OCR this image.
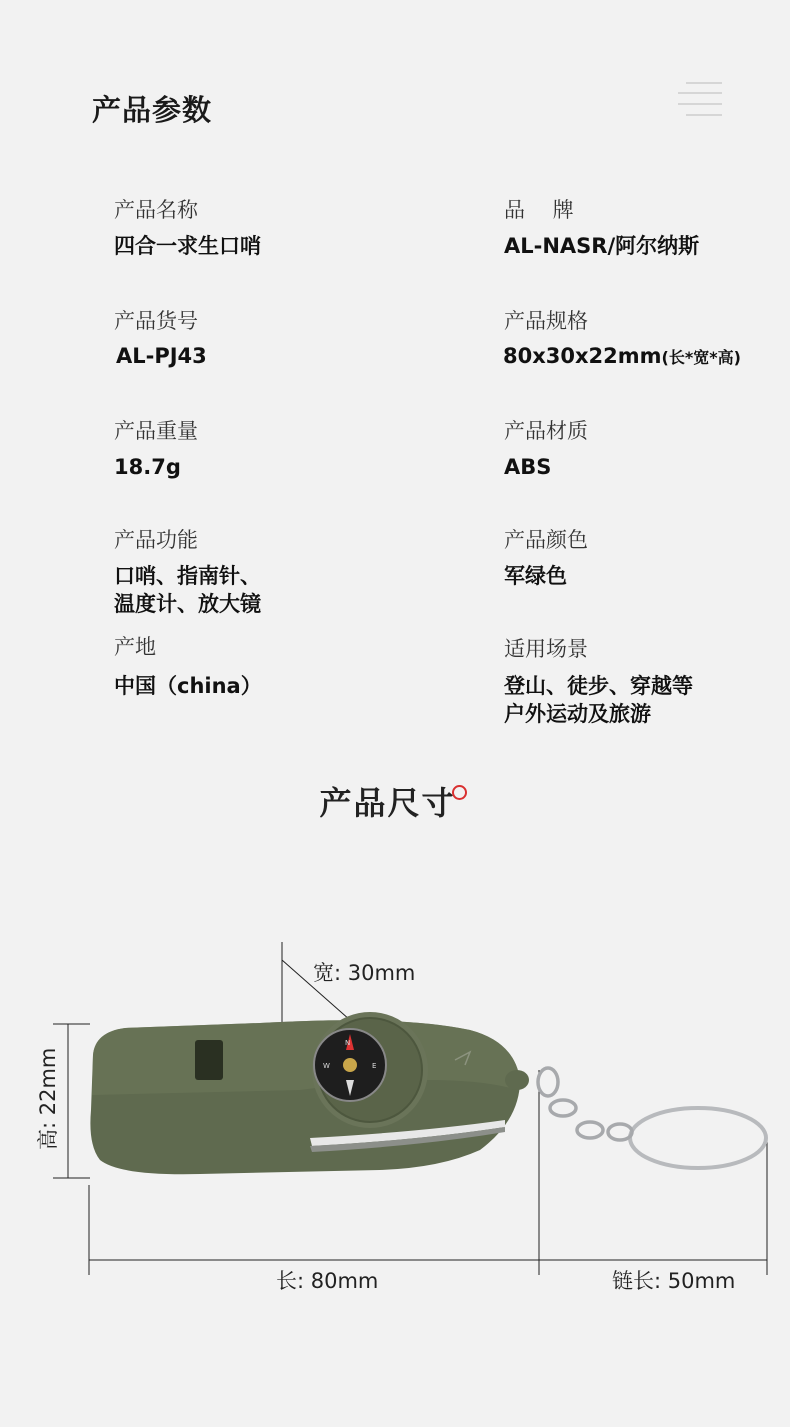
产品参数
产品名称
四合一求生口哨
品　 牌
AL-NASR/阿尔纳斯
产品货号
AL-PJ43
产品规格
80x30x22mm(长*宽*高)
产品重量
18.7g
产品材质
ABS
产品功能
口哨、指南针、
温度计、放大镜
产品颜色
军绿色
产地
中国（china）
适用场景
登山、徒步、穿越等
户外运动及旅游
产品尺寸
N
E
W
宽: 30mm
高: 22mm
长: 80mm	链长: 50mm
